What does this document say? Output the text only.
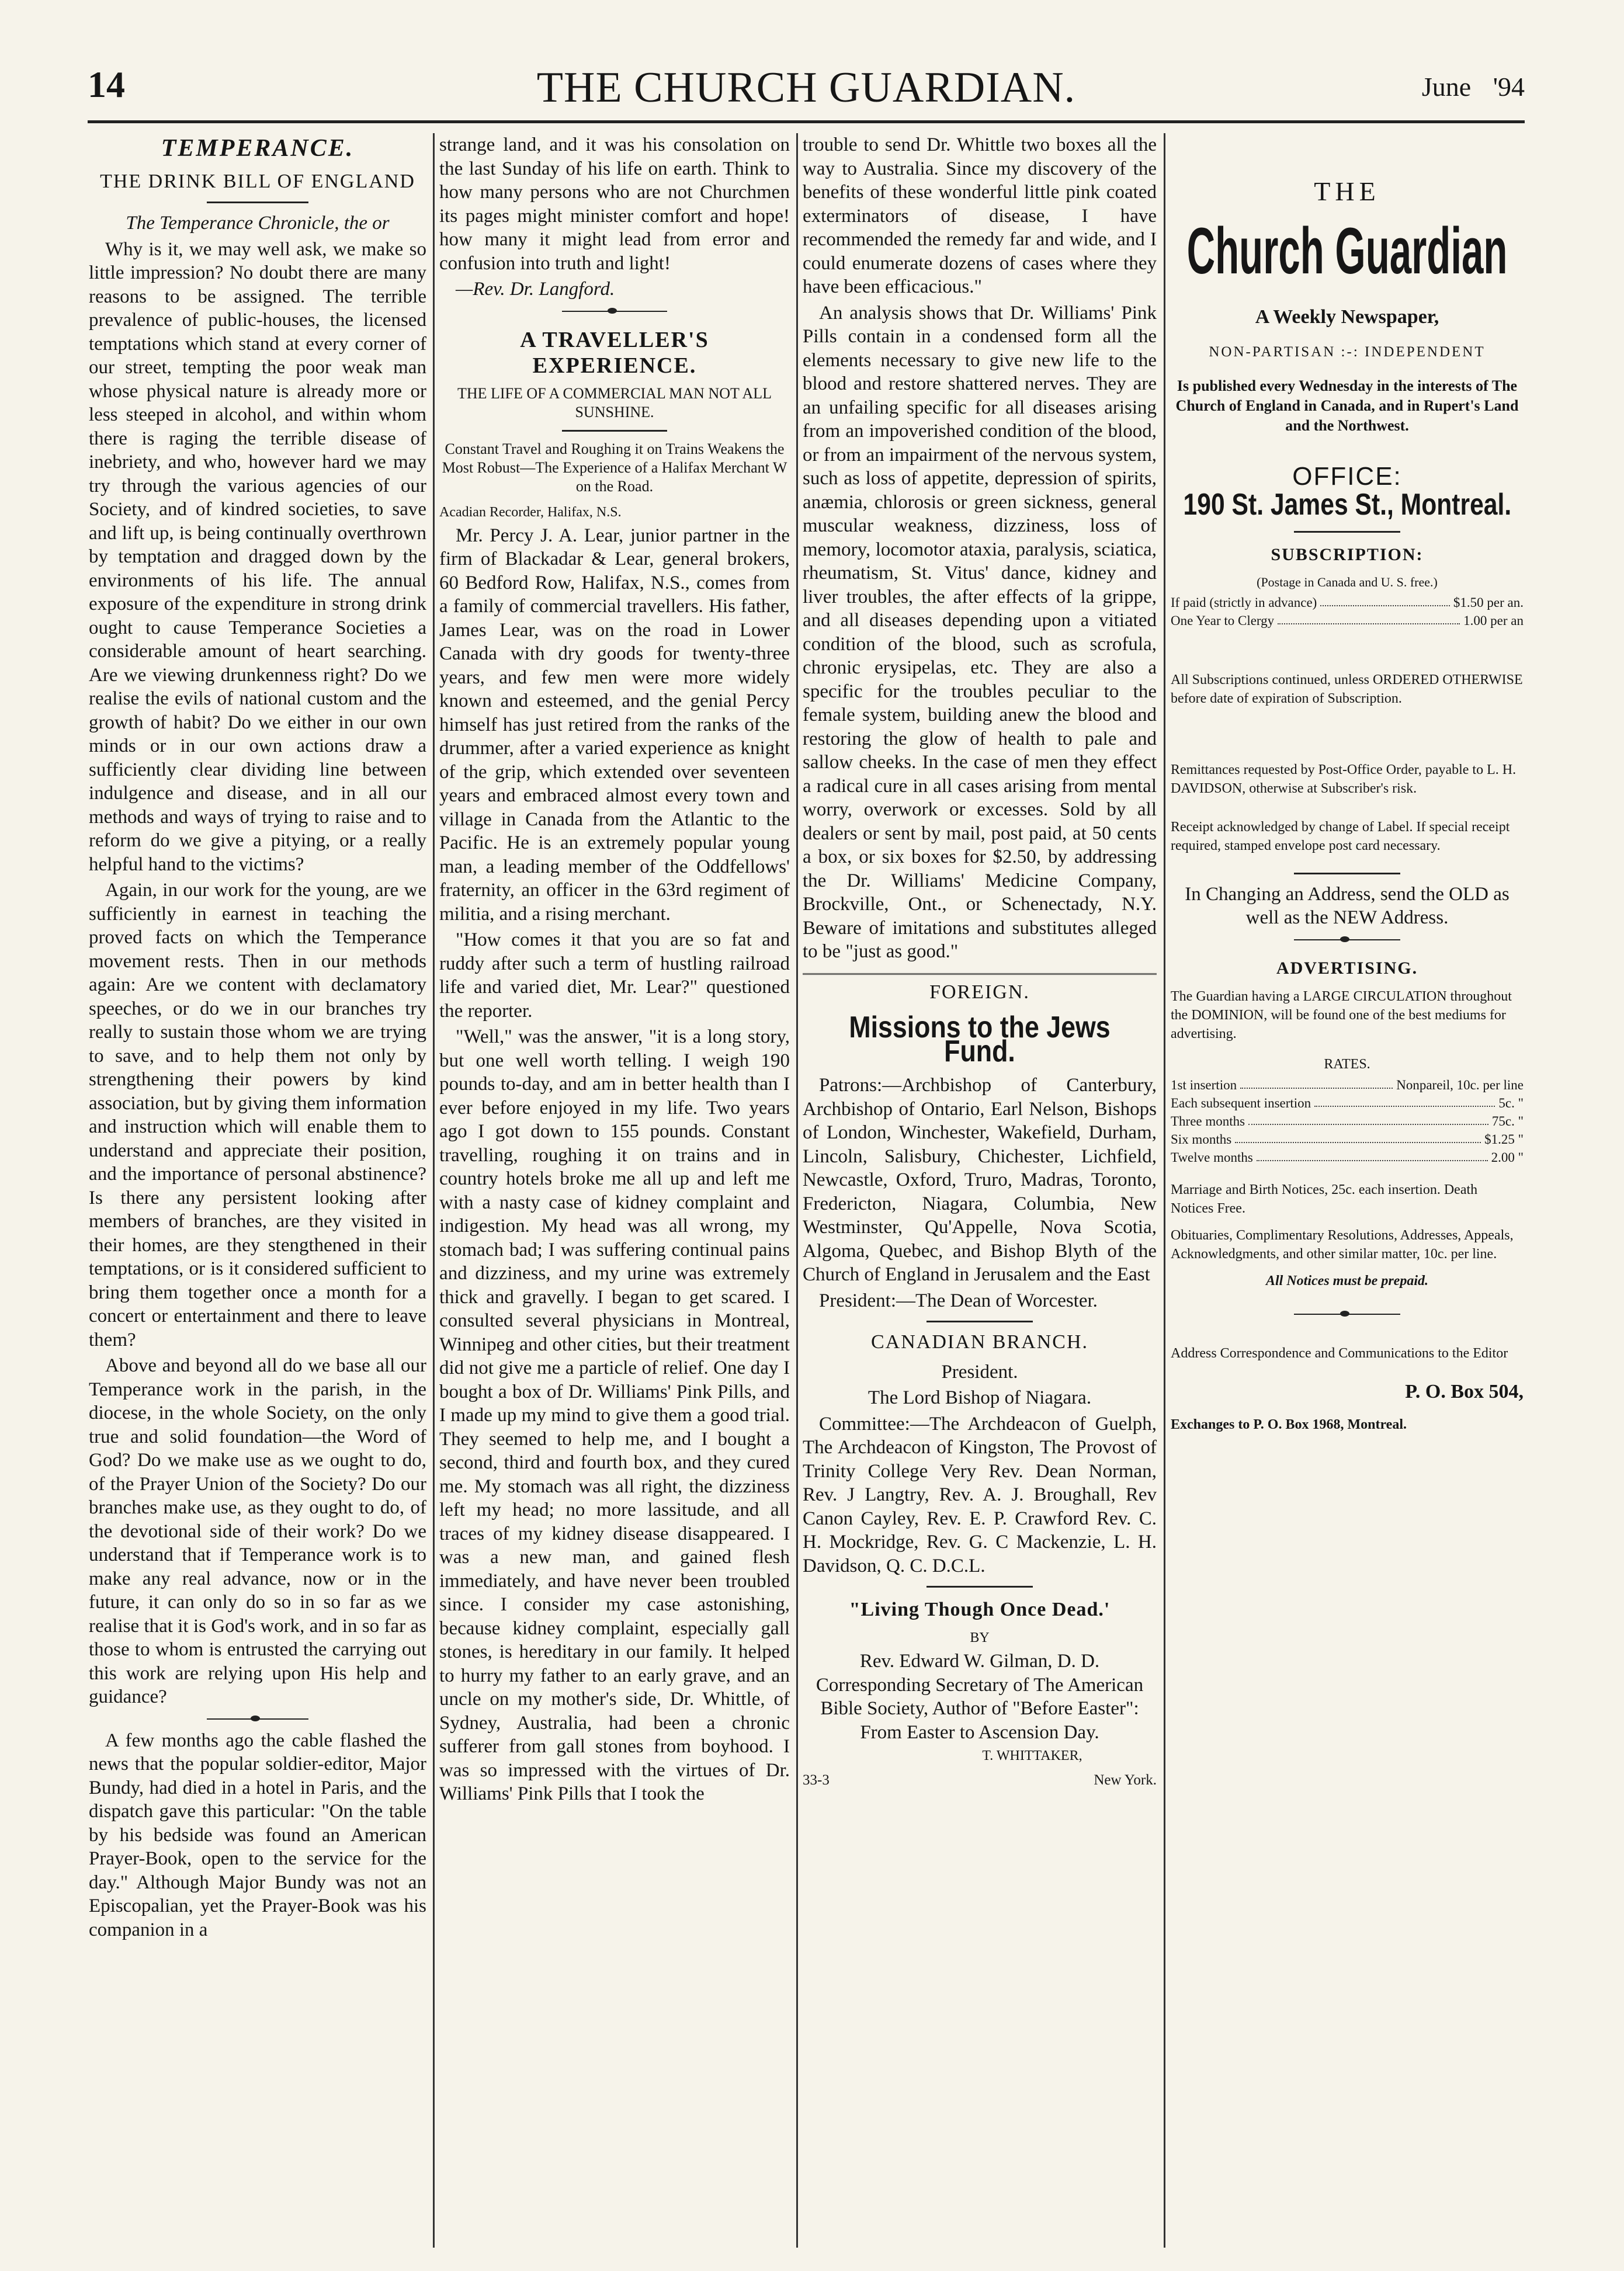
14	THE CHURCH GUARDIAN.	June '94
TEMPERANCE.
THE DRINK BILL OF ENGLAND

The Temperance Chronicle, the or

Why is it, we may well ask, we make so little impression? No doubt there are many reasons to be assigned. The terrible prevalence of public-houses, the licensed temptations which stand at every corner of our street, tempting the poor weak man whose physical nature is already more or less steeped in alcohol, and within whom there is raging the terrible disease of inebriety, and who, however hard we may try through the various agencies of our Society, and of kindred societies, to save and lift up, is being continually overthrown by temptation and dragged down by the environments of his life. The annual exposure of the expenditure in strong drink ought to cause Temperance Societies a considerable amount of heart searching. Are we viewing drunkenness right? Do we realise the evils of national custom and the growth of habit? Do we either in our own minds or in our own actions draw a sufficiently clear dividing line between indulgence and disease, and in all our methods and ways of trying to raise and to reform do we give a pitying, or a really helpful hand to the victims?

Again, in our work for the young, are we sufficiently in earnest in teaching the proved facts on which the Temperance movement rests. Then in our methods again: Are we content with declamatory speeches, or do we in our branches try really to sustain those whom we are trying to save, and to help them not only by strengthening their powers by kind association, but by giving them information and instruction which will enable them to understand and appreciate their position, and the importance of personal abstinence? Is there any persistent looking after members of branches, are they visited in their homes, are they stengthened in their temptations, or is it considered sufficient to bring them together once a month for a concert or entertainment and there to leave them?

Above and beyond all do we base all our Temperance work in the parish, in the diocese, in the whole Society, on the only true and solid foundation—the Word of God? Do we make use as we ought to do, of the Prayer Union of the Society? Do our branches make use, as they ought to do, of the devotional side of their work? Do we understand that if Temperance work is to make any real advance, now or in the future, it can only do so in so far as we realise that it is God's work, and in so far as those to whom is entrusted the carrying out this work are relying upon His help and guidance?

A few months ago the cable flashed the news that the popular soldier-editor, Major Bundy, had died in a hotel in Paris, and the dispatch gave this particular: "On the table by his bedside was found an American Prayer-Book, open to the service for the day." Although Major Bundy was not an Episcopalian, yet the Prayer-Book was his companion in a

strange land, and it was his consolation on the last Sunday of his life on earth. Think to how many persons who are not Churchmen its pages might minister comfort and hope! how many it might lead from error and confusion into truth and light!

—Rev. Dr. Langford.

A TRAVELLER'S EXPERIENCE.
THE LIFE OF A COMMERCIAL MAN NOT ALL SUNSHINE.
Constant Travel and Roughing it on Trains Weakens the Most Robust—The Experience of a Halifax Merchant W on the Road.

Acadian Recorder, Halifax, N.S.

Mr. Percy J. A. Lear, junior partner in the firm of Blackadar & Lear, general brokers, 60 Bedford Row, Halifax, N.S., comes from a family of commercial travellers. His father, James Lear, was on the road in Lower Canada with dry goods for twenty-three years, and few men were more widely known and esteemed, and the genial Percy himself has just retired from the ranks of the drummer, after a varied experience as knight of the grip, which extended over seventeen years and embraced almost every town and village in Canada from the Atlantic to the Pacific. He is an extremely popular young man, a leading member of the Oddfellows' fraternity, an officer in the 63rd regiment of militia, and a rising merchant.

"How comes it that you are so fat and ruddy after such a term of hustling railroad life and varied diet, Mr. Lear?" questioned the reporter.

"Well," was the answer, "it is a long story, but one well worth telling. I weigh 190 pounds to-day, and am in better health than I ever before enjoyed in my life. Two years ago I got down to 155 pounds. Constant travelling, roughing it on trains and in country hotels broke me all up and left me with a nasty case of kidney complaint and indigestion. My head was all wrong, my stomach bad; I was suffering continual pains and dizziness, and my urine was extremely thick and gravelly. I began to get scared. I consulted several physicians in Montreal, Winnipeg and other cities, but their treatment did not give me a particle of relief. One day I bought a box of Dr. Williams' Pink Pills, and I made up my mind to give them a good trial. They seemed to help me, and I bought a second, third and fourth box, and they cured me. My stomach was all right, the dizziness left my head; no more lassitude, and all traces of my kidney disease disappeared. I was a new man, and gained flesh immediately, and have never been troubled since. I consider my case astonishing, because kidney complaint, especially gall stones, is hereditary in our family. It helped to hurry my father to an early grave, and an uncle on my mother's side, Dr. Whittle, of Sydney, Australia, had been a chronic sufferer from gall stones from boyhood. I was so impressed with the virtues of Dr. Williams' Pink Pills that I took the

trouble to send Dr. Whittle two boxes all the way to Australia. Since my discovery of the benefits of these wonderful little pink coated exterminators of disease, I have recommended the remedy far and wide, and I could enumerate dozens of cases where they have been efficacious."

An analysis shows that Dr. Williams' Pink Pills contain in a condensed form all the elements necessary to give new life to the blood and restore shattered nerves. They are an unfailing specific for all diseases arising from an impoverished condition of the blood, or from an impairment of the nervous system, such as loss of appetite, depression of spirits, anæmia, chlorosis or green sickness, general muscular weakness, dizziness, loss of memory, locomotor ataxia, paralysis, sciatica, rheumatism, St. Vitus' dance, kidney and liver troubles, the after effects of la grippe, and all diseases depending upon a vitiated condition of the blood, such as scrofula, chronic erysipelas, etc. They are also a specific for the troubles peculiar to the female system, building anew the blood and restoring the glow of health to pale and sallow cheeks. In the case of men they effect a radical cure in all cases arising from mental worry, overwork or excesses. Sold by all dealers or sent by mail, post paid, at 50 cents a box, or six boxes for $2.50, by addressing the Dr. Williams' Medicine Company, Brockville, Ont., or Schenectady, N.Y. Beware of imitations and substitutes alleged to be "just as good."

FOREIGN.
Missions to the Jews Fund.

Patrons:—Archbishop of Canterbury, Archbishop of Ontario, Earl Nelson, Bishops of London, Winchester, Wakefield, Durham, Lincoln, Salisbury, Chichester, Lichfield, Newcastle, Oxford, Truro, Madras, Toronto, Fredericton, Niagara, Columbia, New Westminster, Qu'Appelle, Nova Scotia, Algoma, Quebec, and Bishop Blyth of the Church of England in Jerusalem and the East

President:—The Dean of Worcester.

CANADIAN BRANCH.

President.

The Lord Bishop of Niagara.

Committee:—The Archdeacon of Guelph, The Archdeacon of Kingston, The Provost of Trinity College Very Rev. Dean Norman, Rev. J Langtry, Rev. A. J. Broughall, Rev Canon Cayley, Rev. E. P. Crawford Rev. C. H. Mockridge, Rev. G. C Mackenzie, L. H. Davidson, Q. C. D.C.L.

"Living Though Once Dead.'

BY

Rev. Edward W. Gilman, D. D. Corresponding Secretary of The American Bible Society, Author of "Before Easter": From Easter to Ascension Day.

T. WHITTAKER,

33-3	New York.
THE
Church Guardian
A Weekly Newspaper,
NON-PARTISAN :-: INDEPENDENT
Is published every Wednesday in the interests of The Church of England in Canada, and in Rupert's Land and the Northwest.
OFFICE:
190 St. James St., Montreal.
SUBSCRIPTION:

(Postage in Canada and U. S. free.)

If paid (strictly in advance)	$1.50 per an.
One Year to Clergy	1.00 per an
All Subscriptions continued, unless ORDERED OTHERWISE before date of expiration of Subscription.
Remittances requested by Post-Office Order, payable to L. H. DAVIDSON, otherwise at Subscriber's risk.
Receipt acknowledged by change of Label. If special receipt required, stamped envelope post card necessary.

In Changing an Address, send the OLD as well as the NEW Address.

ADVERTISING.
The Guardian having a LARGE CIRCULATION throughout the DOMINION, will be found one of the best mediums for advertising.

RATES.

1st insertion	Nonpareil, 10c. per line
Each subsequent insertion	5c. "
Three months	75c. "
Six months	$1.25 "
Twelve months	2.00 "
Marriage and Birth Notices, 25c. each insertion. Death Notices Free.
Obituaries, Complimentary Resolutions, Addresses, Appeals, Acknowledgments, and other similar matter, 10c. per line.

All Notices must be prepaid.

Address Correspondence and Communications to the Editor
P. O. Box 504,
Exchanges to P. O. Box 1968, Montreal.
